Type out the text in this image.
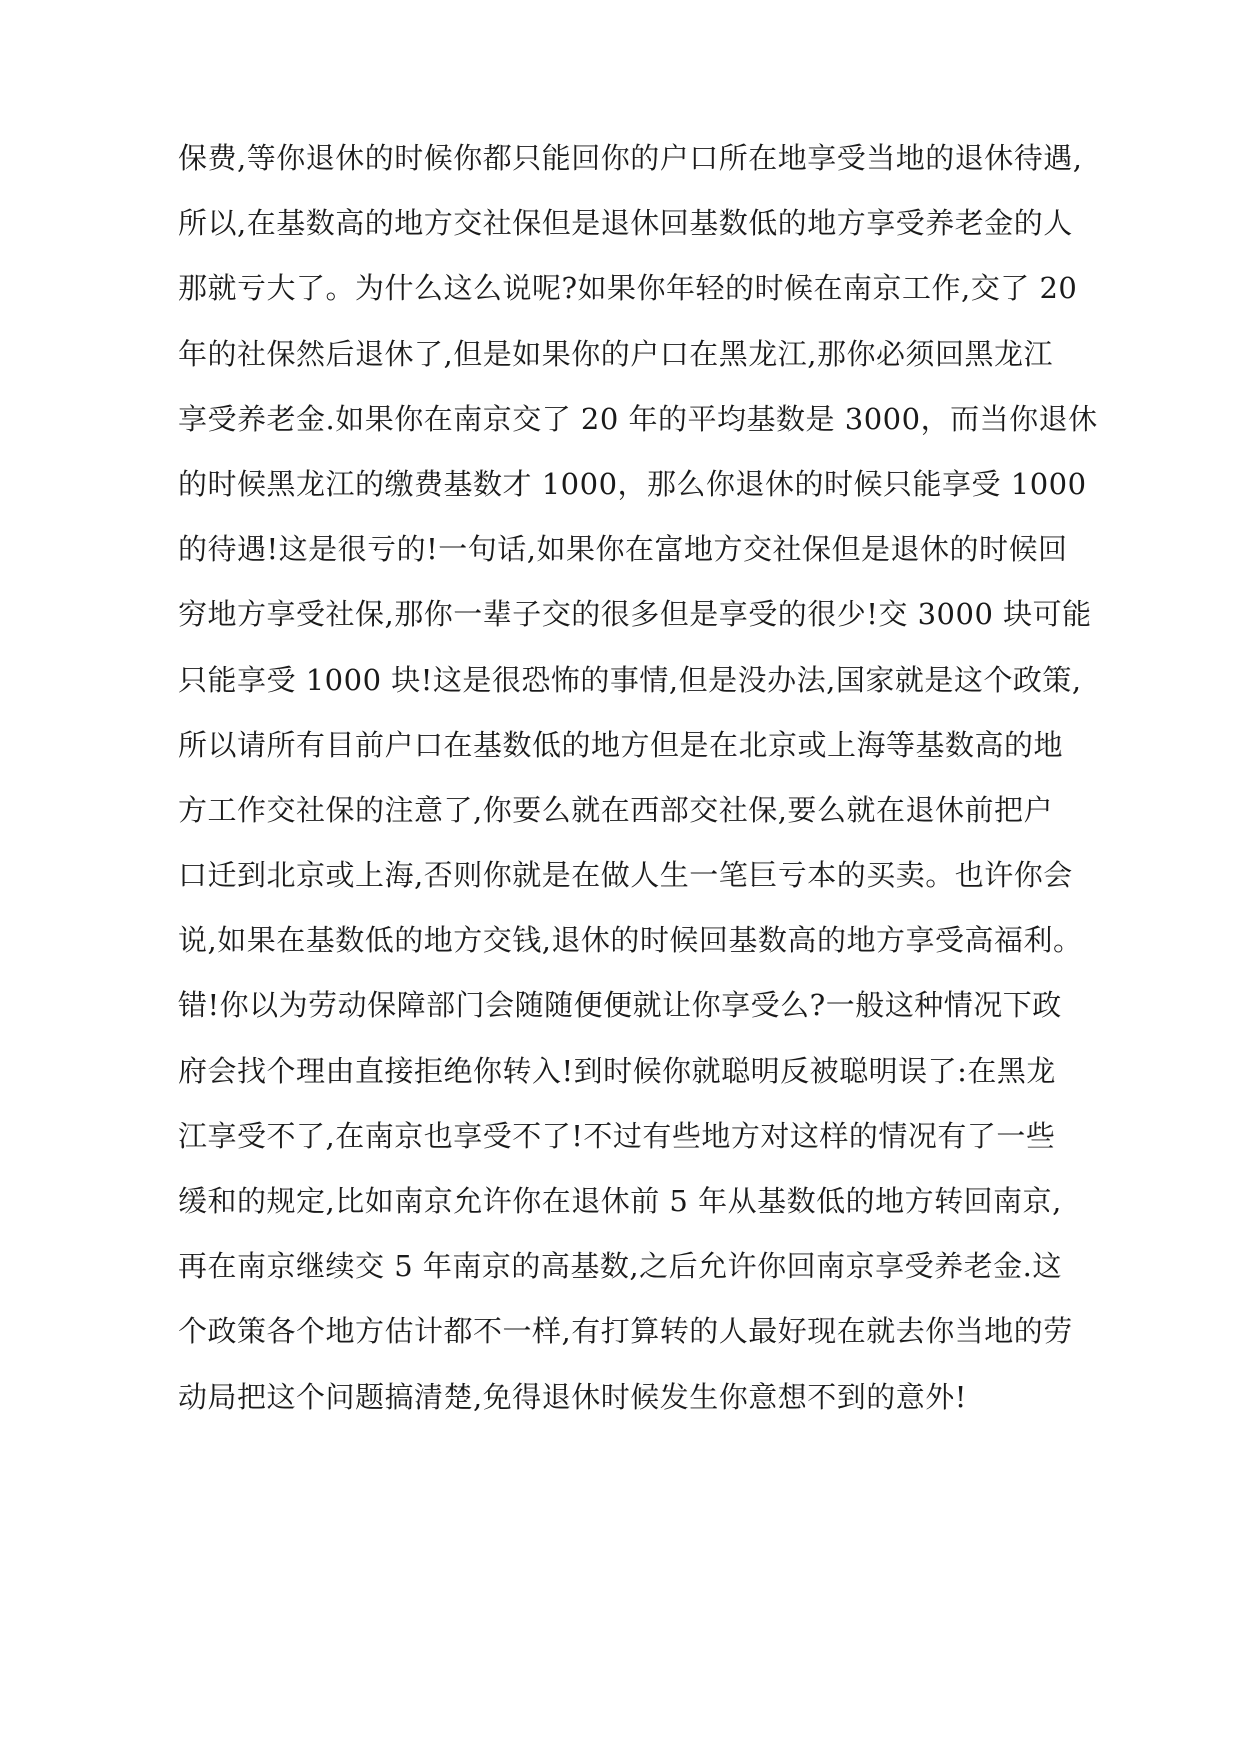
保费,等你退休的时候你都只能回你的户口所在地享受当地的退休待遇,
所以,在基数高的地方交社保但是退休回基数低的地方享受养老金的人
那就亏大了。为什么这么说呢?如果你年轻的时候在南京工作,交了 20
年的社保然后退休了,但是如果你的户口在黑龙江,那你必须回黑龙江
享受养老金.如果你在南京交了 20 年的平均基数是 3000，而当你退休
的时候黑龙江的缴费基数才 1000，那么你退休的时候只能享受 1000
的待遇!这是很亏的!一句话,如果你在富地方交社保但是退休的时候回
穷地方享受社保,那你一辈子交的很多但是享受的很少!交 3000 块可能
只能享受 1000 块!这是很恐怖的事情,但是没办法,国家就是这个政策,
所以请所有目前户口在基数低的地方但是在北京或上海等基数高的地
方工作交社保的注意了,你要么就在西部交社保,要么就在退休前把户
口迁到北京或上海,否则你就是在做人生一笔巨亏本的买卖。也许你会
说,如果在基数低的地方交钱,退休的时候回基数高的地方享受高福利。
错!你以为劳动保障部门会随随便便就让你享受么?一般这种情况下政
府会找个理由直接拒绝你转入!到时候你就聪明反被聪明误了:在黑龙
江享受不了,在南京也享受不了!不过有些地方对这样的情况有了一些
缓和的规定,比如南京允许你在退休前 5 年从基数低的地方转回南京,
再在南京继续交 5 年南京的高基数,之后允许你回南京享受养老金.这
个政策各个地方估计都不一样,有打算转的人最好现在就去你当地的劳
动局把这个问题搞清楚,免得退休时候发生你意想不到的意外!
